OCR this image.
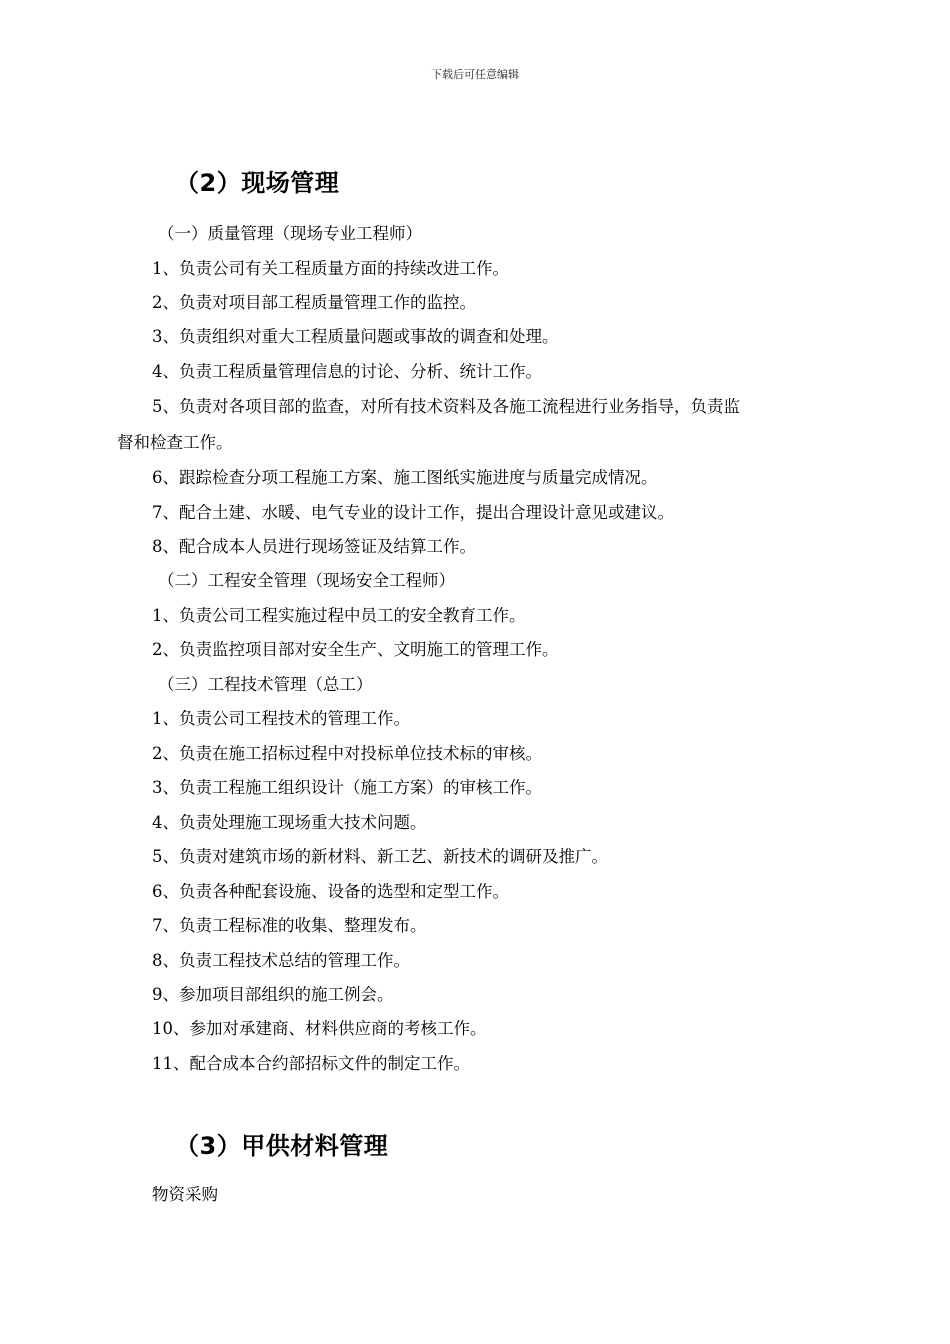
下载后可任意编辑
（2）现场管理
（一）质量管理（现场专业工程师）
1、负责公司有关工程质量方面的持续改进工作。
2、负责对项目部工程质量管理工作的监控。
3、负责组织对重大工程质量问题或事故的调查和处理。
4、负责工程质量管理信息的讨论、分析、统计工作。
5、负责对各项目部的监查，对所有技术资料及各施工流程进行业务指导，负责监
督和检查工作。
6、跟踪检查分项工程施工方案、施工图纸实施进度与质量完成情况。
7、配合土建、水暖、电气专业的设计工作，提出合理设计意见或建议。
8、配合成本人员进行现场签证及结算工作。
（二）工程安全管理（现场安全工程师）
1、负责公司工程实施过程中员工的安全教育工作。
2、负责监控项目部对安全生产、文明施工的管理工作。
（三）工程技术管理（总工）
1、负责公司工程技术的管理工作。
2、负责在施工招标过程中对投标单位技术标的审核。
3、负责工程施工组织设计（施工方案）的审核工作。
4、负责处理施工现场重大技术问题。
5、负责对建筑市场的新材料、新工艺、新技术的调研及推广。
6、负责各种配套设施、设备的选型和定型工作。
7、负责工程标准的收集、整理发布。
8、负责工程技术总结的管理工作。
9、参加项目部组织的施工例会。
10、参加对承建商、材料供应商的考核工作。
11、配合成本合约部招标文件的制定工作。
（3）甲供材料管理
物资采购
